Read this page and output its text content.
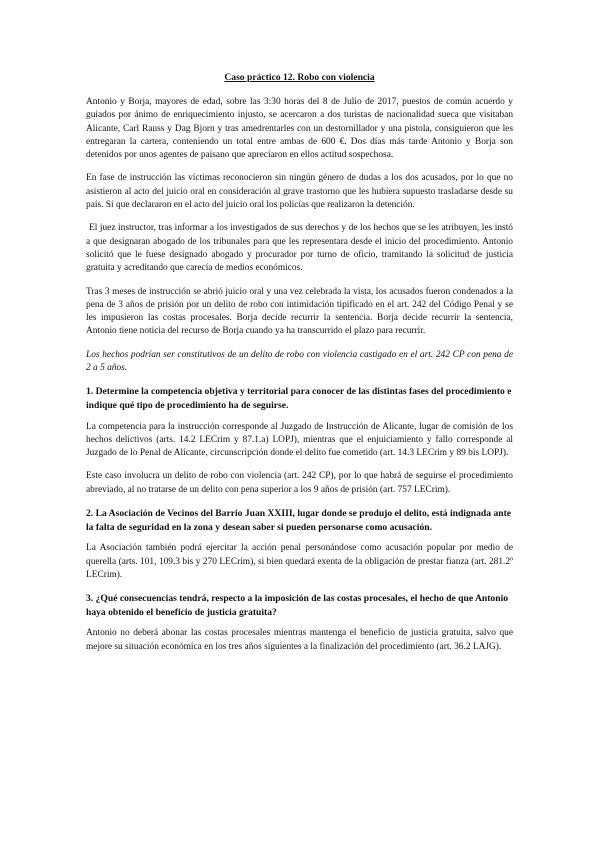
Caso práctico 12. Robo con violencia

Antonio y Borja, mayores de edad, sobre las 3:30 horas del 8 de Julio de 2017, puestos de común acuerdo y guiados por ánimo de enriquecimiento injusto, se acercaron a dos turistas de nacionalidad sueca que visitaban Alicante, Carl Rauss y Dag Bjorn y tras amedrentarles con un destornillador y una pistola, consiguieron que les entregaran la cartera, conteniendo un total entre ambas de 600 €. Dos días más tarde Antonio y Borja son detenidos por unos agentes de paisano que apreciaron en ellos actitud sospechosa.

En fase de instrucción las víctimas reconocieron sin ningún género de dudas a los dos acusados, por lo que no asistieron al acto del juicio oral en consideración al grave trastorno que les hubiera supuesto trasladarse desde su país. Sí que declararon en el acto del juicio oral los policías que realizaron la detención.

El juez instructor, tras informar a los investigados de sus derechos y de los hechos que se les atribuyen, les instó a que designaran abogado de los tribunales para que les representara desde el inicio del procedimiento. Antonio solicitó que le fuese designado abogado y procurador por turno de oficio, tramitando la solicitud de justicia gratuita y acreditando que carecía de medios económicos.

Tras 3 meses de instrucción se abrió juicio oral y una vez celebrada la vista, los acusados fueron condenados a la pena de 3 años de prisión por un delito de robo con intimidación tipificado en el art. 242 del Código Penal y se les impusieron las costas procesales. Borja decide recurrir la sentencia. Borja decide recurrir la sentencia, Antonio tiene noticia del recurso de Borja cuando ya ha transcurrido el plazo para recurrir.

Los hechos podrían ser constitutivos de un delito de robo con violencia castigado en el art. 242 CP con pena de 2 a 5 años.

1. Determine la competencia objetiva y territorial para conocer de las distintas fases del procedimiento e indique qué tipo de procedimiento ha de seguirse.

La competencia para la instrucción corresponde al Juzgado de Instrucción de Alicante, lugar de comisión de los hechos delictivos (arts. 14.2 LECrim y 87.1.a) LOPJ), mientras que el enjuiciamiento y fallo corresponde al Juzgado de lo Penal de Alicante, circunscripción donde el delito fue cometido (art. 14.3 LECrim y 89 bis LOPJ).

Este caso involucra un delito de robo con violencia (art. 242 CP), por lo que habrá de seguirse el procedimiento abreviado, al no tratarse de un delito con pena superior a los 9 años de prisión (art. 757 LECrim).

2. La Asociación de Vecinos del Barrio Juan XXIII, lugar donde se produjo el delito, está indignada ante la falta de seguridad en la zona y desean saber si pueden personarse como acusación.

La Asociación también podrá ejercitar la acción penal personándose como acusación popular por medio de querella (arts. 101, 109.3 bis y 270 LECrim), si bien quedará exenta de la obligación de prestar fianza (art. 281.2º LECrim).

3. ¿Qué consecuencias tendrá, respecto a la imposición de las costas procesales, el hecho de que Antonio haya obtenido el beneficio de justicia gratuita?

Antonio no deberá abonar las costas procesales mientras mantenga el beneficio de justicia gratuita, salvo que mejore su situación económica en los tres años siguientes a la finalización del procedimiento (art. 36.2 LAJG).
